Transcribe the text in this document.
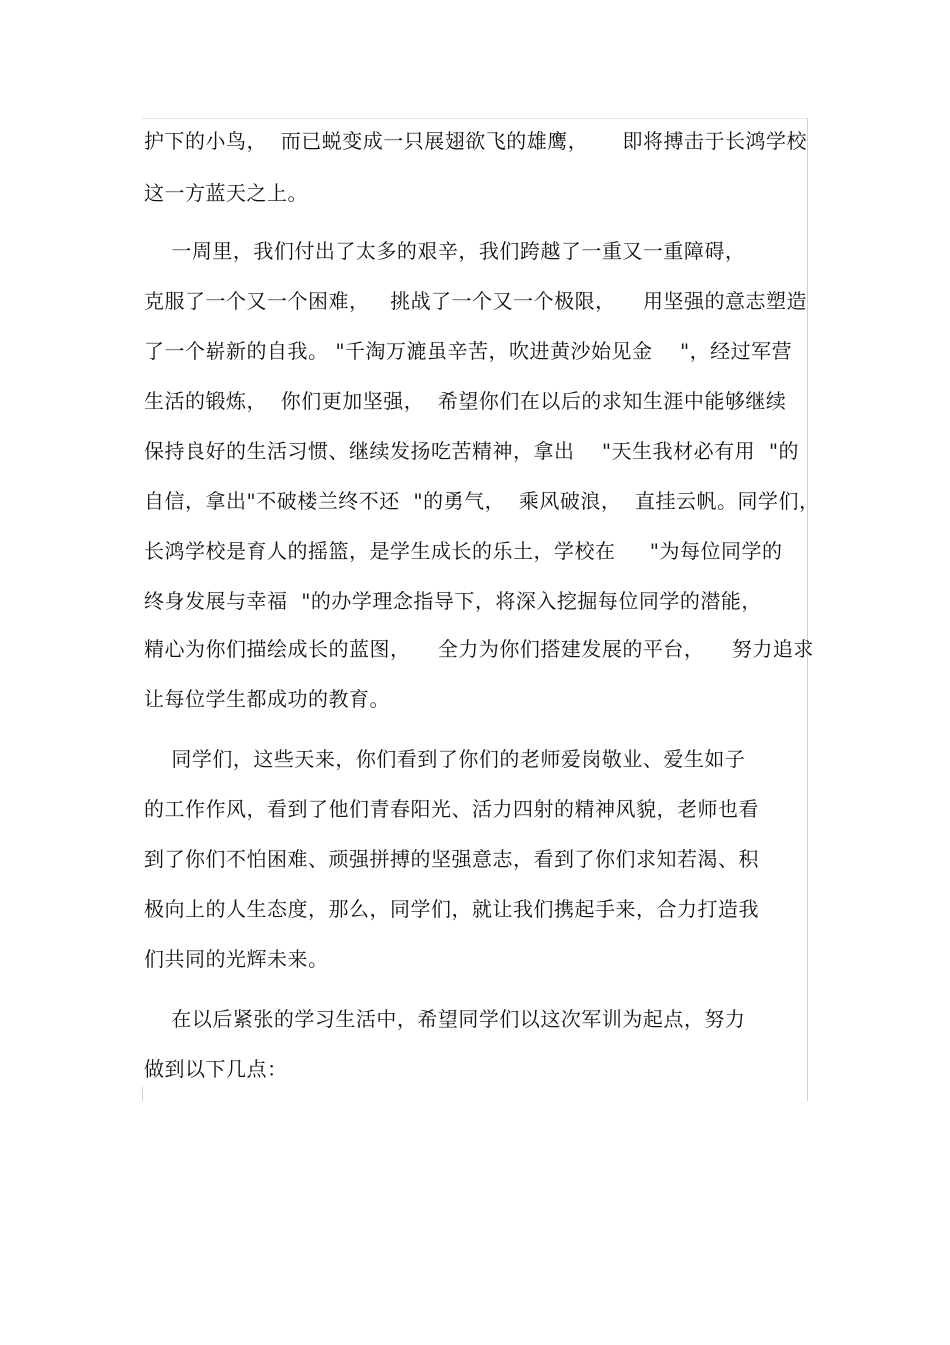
护下的小鸟，  而已蜕变成一只展翅欲飞的雄鹰，     即将搏击于长鸿学校
这一方蓝天之上。
一周里，我们付出了太多的艰辛，我们跨越了一重又一重障碍，
克服了一个又一个困难，   挑战了一个又一个极限，    用坚强的意志塑造
了一个崭新的自我。 "千淘万漉虽辛苦，吹进黄沙始见金    "，经过军营
生活的锻炼，  你们更加坚强，  希望你们在以后的求知生涯中能够继续
保持良好的生活习惯、继续发扬吃苦精神，拿出    "天生我材必有用  "的
自信，拿出"不破楼兰终不还  "的勇气，  乘风破浪，  直挂云帆。同学们，
长鸿学校是育人的摇篮，是学生成长的乐土，学校在     "为每位同学的
终身发展与幸福  "的办学理念指导下，将深入挖掘每位同学的潜能，
精心为你们描绘成长的蓝图，    全力为你们搭建发展的平台，    努力追求
让每位学生都成功的教育。
同学们，这些天来，你们看到了你们的老师爱岗敬业、爱生如子
的工作作风，看到了他们青春阳光、活力四射的精神风貌，老师也看
到了你们不怕困难、顽强拼搏的坚强意志，看到了你们求知若渴、积
极向上的人生态度，那么，同学们，就让我们携起手来，合力打造我
们共同的光辉未来。
在以后紧张的学习生活中，希望同学们以这次军训为起点，努力
做到以下几点：
